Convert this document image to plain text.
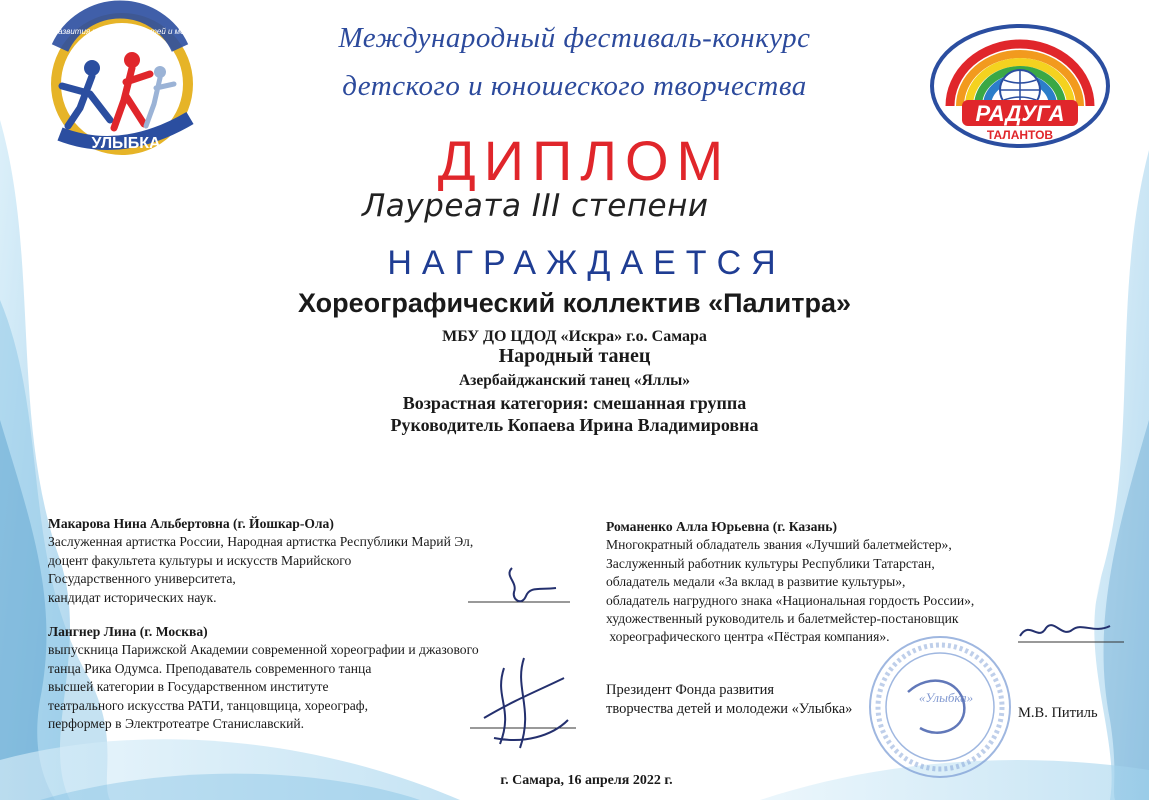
УЛЫБКА
Фонд развития творчества детей и молодежи
РАДУГА
ТАЛАНТОВ
Международный фестиваль-конкурс
детского и юношеского творчества
ДИПЛОМ
Лауреата III степени
НАГРАЖДАЕТСЯ
Хореографический коллектив «Палитра»
МБУ ДО ЦДОД «Искра» г.о. Самара
Народный танец
Азербайджанский танец «Яллы»
Возрастная категория: смешанная группа
Руководитель Копаева Ирина Владимировна
Макарова Нина Альбертовна (г. Йошкар-Ола)
Заслуженная артистка России, Народная артистка Республики Марий Эл,
доцент факультета культуры и искусств Марийского
Государственного университета,
кандидат исторических наук.
Лангнер Лина (г. Москва)
выпускница Парижской Академии современной хореографии и джазового
танца Рика Одумса. Преподаватель современного танца
высшей категории в Государственном институте
театрального искусства РАТИ, танцовщица, хореограф,
перформер в Электротеатре Станиславский.
Романенко Алла Юрьевна (г. Казань)
Многократный обладатель звания «Лучший балетмейстер»,
Заслуженный работник культуры Республики Татарстан,
обладатель медали «За вклад в развитие культуры»,
обладатель нагрудного знака «Национальная гордость России»,
художественный руководитель и балетмейстер-постановщик
хореографического центра «Пёстрая компания».
«Улыбка»
Президент Фонда развития
творчества детей и молодежи «Улыбка»	М.В. Питиль
г. Самара, 16 апреля 2022 г.
